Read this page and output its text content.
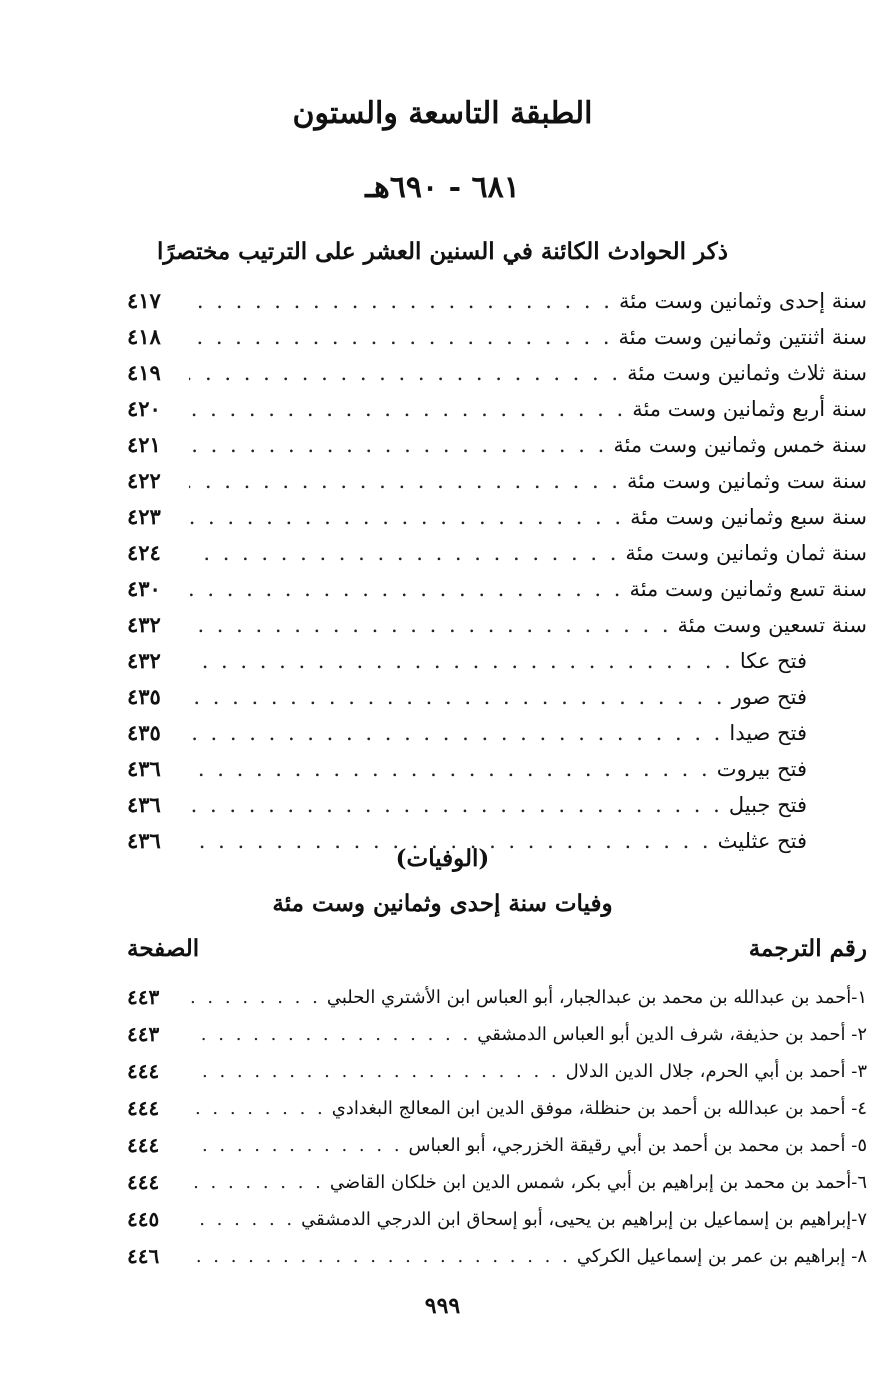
الطبقة التاسعة والستون
٦٨١ - ٦٩٠هـ
ذكر الحوادث الكائنة في السنين العشر على الترتيب مختصرًا
سنة إحدى وثمانين وست مئة
. . .
٤١٧
سنة اثنتين وثمانين وست مئة
. . .
٤١٨
سنة ثلاث وثمانين وست مئة
. . .
٤١٩
سنة أربع وثمانين وست مئة
. . .
٤٢٠
سنة خمس وثمانين وست مئة
. . .
٤٢١
سنة ست وثمانين وست مئة
. . .
٤٢٢
سنة سبع وثمانين وست مئة
. . .
٤٢٣
سنة ثمان وثمانين وست مئة
. . .
٤٢٤
سنة تسع وثمانين وست مئة
. . .
٤٣٠
سنة تسعين وست مئة
. . .
٤٣٢
فتح عكا
. . .
٤٣٢
فتح صور
. . .
٤٣٥
فتح صيدا
. . .
٤٣٥
فتح بيروت
. . .
٤٣٦
فتح جبيل
. . .
٤٣٦
فتح عثليث
. . .
٤٣٦
(الوفيات)
وفيات سنة إحدى وثمانين وست مئة
رقم الترجمة
الصفحة
١-أحمد بن عبدالله بن محمد بن عبدالجبار، أبو العباس ابن الأشتري الحلبي
. . .
٤٤٣
٢- أحمد بن حذيفة، شرف الدين أبو العباس الدمشقي
. . .
٤٤٣
٣- أحمد بن أبي الحرم، جلال الدين الدلال
. . .
٤٤٤
٤- أحمد بن عبدالله بن أحمد بن حنظلة، موفق الدين ابن المعالج البغدادي
. . .
٤٤٤
٥- أحمد بن محمد بن أحمد بن أبي رقيقة الخزرجي، أبو العباس
. . .
٤٤٤
٦-أحمد بن محمد بن إبراهيم بن أبي بكر، شمس الدين ابن خلكان القاضي
. . .
٤٤٤
٧-إبراهيم بن إسماعيل بن إبراهيم بن يحيى، أبو إسحاق ابن الدرجي الدمشقي
. . .
٤٤٥
٨- إبراهيم بن عمر بن إسماعيل الكركي
. . .
٤٤٦
٩٩٩
